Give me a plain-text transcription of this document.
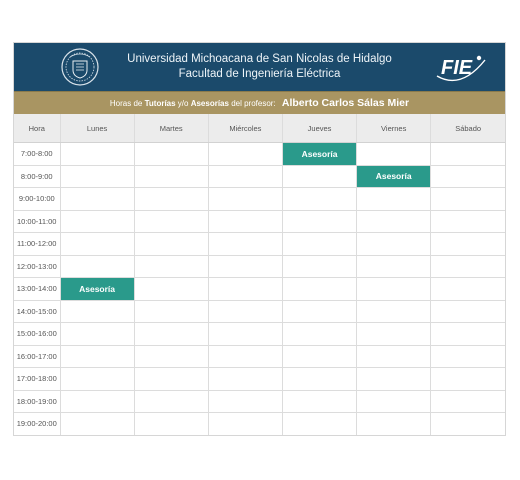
Universidad Michoacana de San Nicolas de Hidalgo
Facultad de Ingeniería Eléctrica	FIE
Horas de Tutorías y/o Asesorías del profesor: Alberto Carlos Sálas Mier
Hora	Lunes	Martes	Miércoles	Jueves	Viernes	Sábado
7:00-8:00				Asesoría		
8:00-9:00					Asesoría	
9:00-10:00						
10:00-11:00						
11:00-12:00						
12:00-13:00						
13:00-14:00	Asesoría					
14:00-15:00						
15:00-16:00						
16:00-17:00						
17:00-18:00						
18:00-19:00						
19:00-20:00						
